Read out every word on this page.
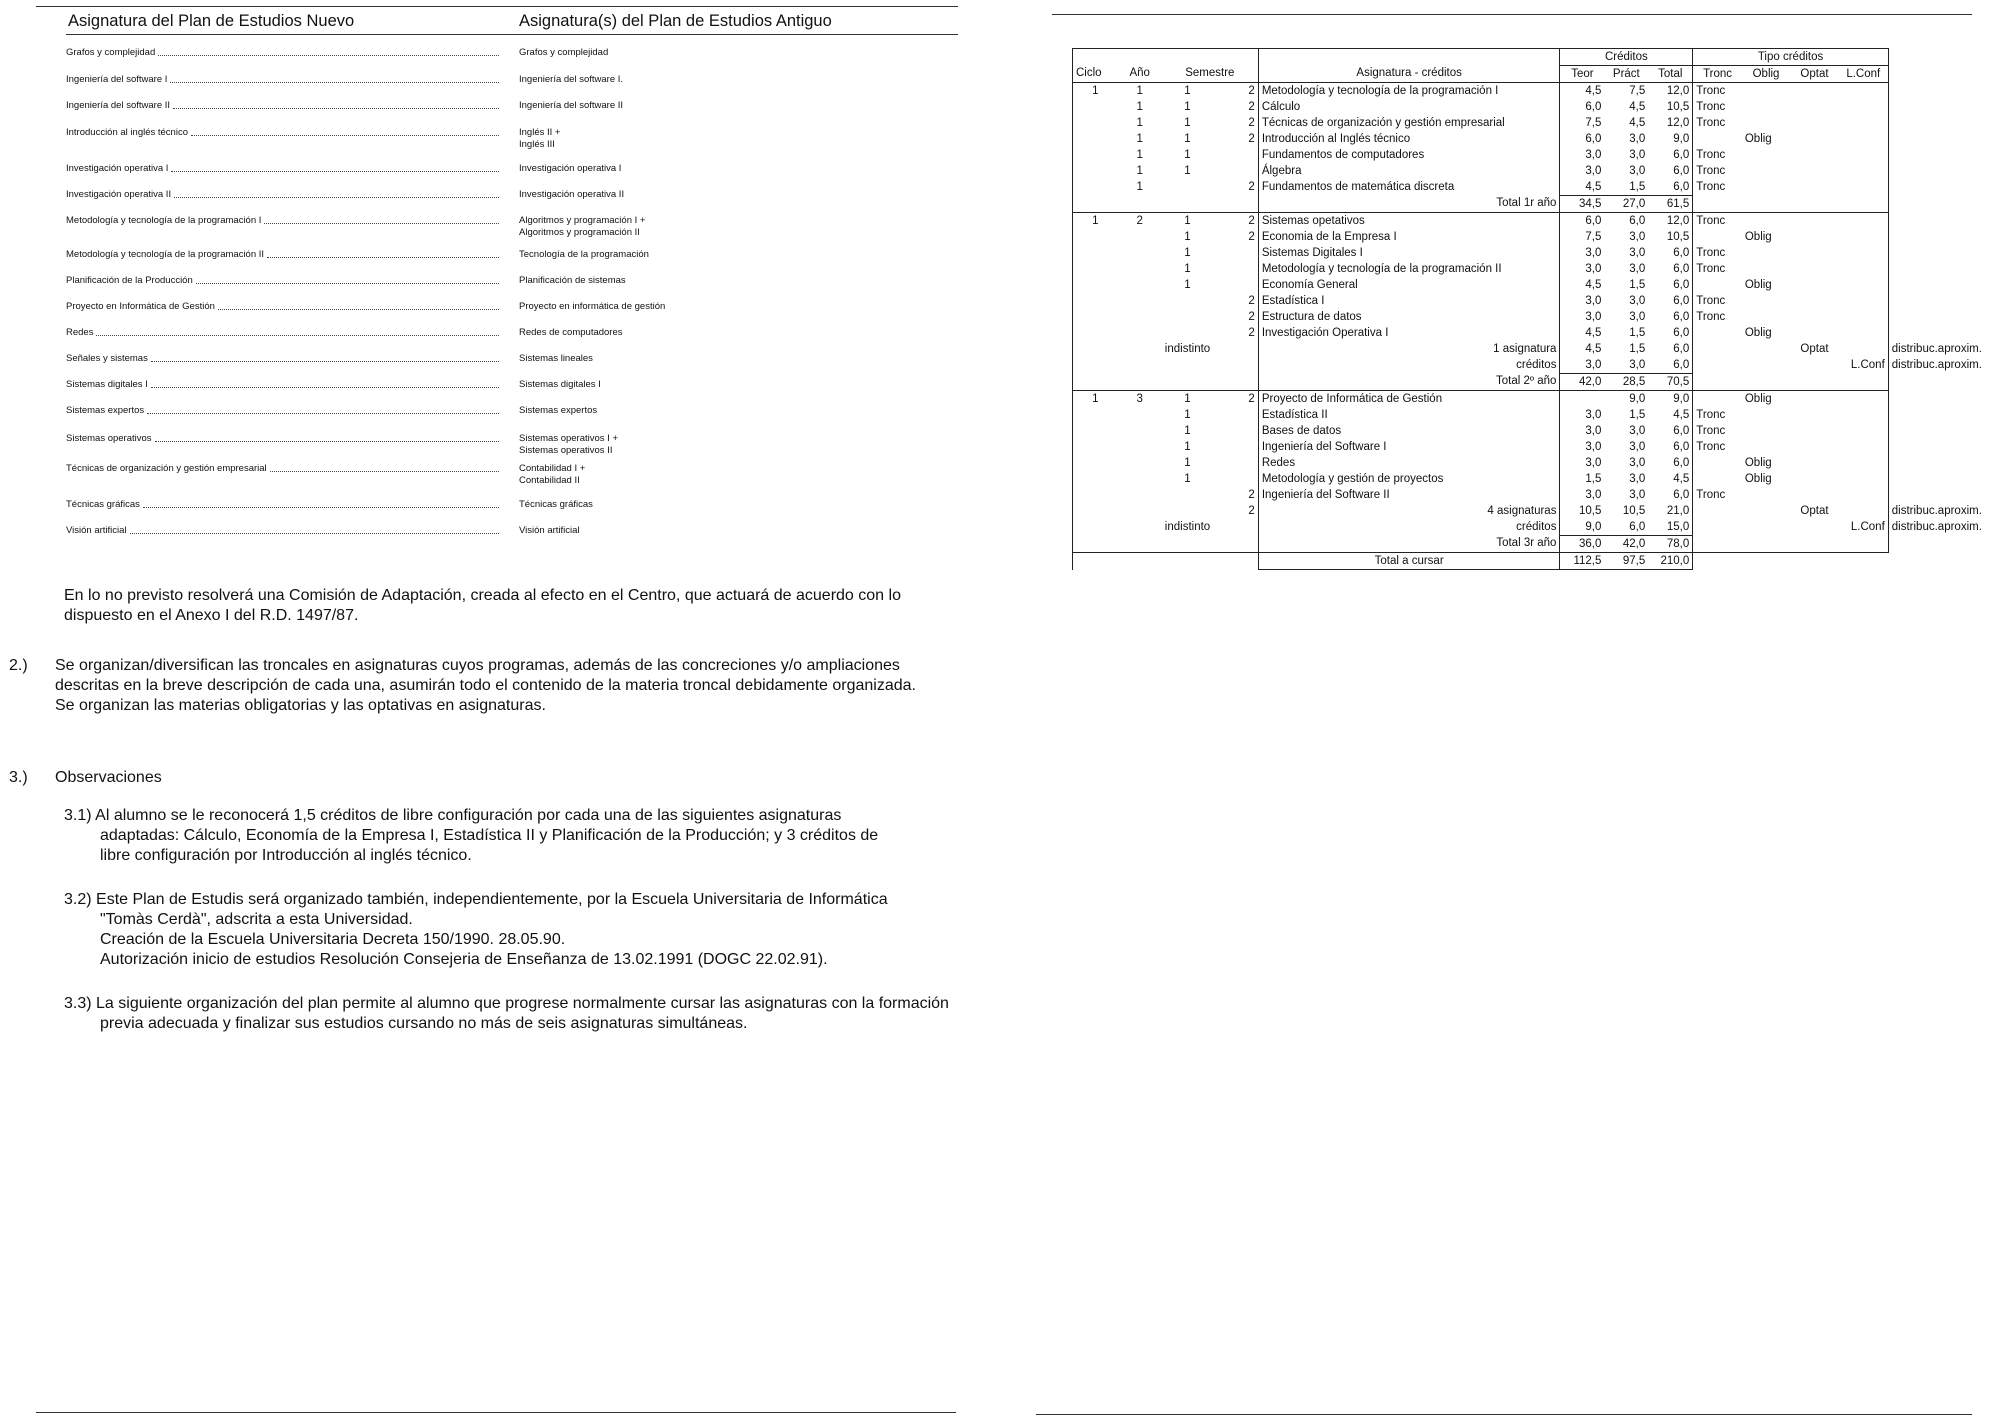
Asignatura del Plan de Estudios Nuevo	Asignatura(s) del Plan de Estudios Antiguo
Grafos y complejidad	Grafos y complejidad
Ingeniería del software I	Ingeniería del software I.
Ingeniería del software II	Ingeniería del software II
Introducción al inglés técnico	Inglés II +
Inglés III
Investigación operativa I	Investigación operativa I
Investigación operativa II	Investigación operativa II
Metodología y tecnología de la programación I	Algoritmos y programación I +
Algoritmos y programación II
Metodología y tecnología de la programación II	Tecnología de la programación
Planificación de la Producción	Planificación de sistemas
Proyecto en Informática de Gestión	Proyecto en informática de gestión
Redes	Redes de computadores
Señales y sistemas	Sistemas lineales
Sistemas digitales I	Sistemas digitales I
Sistemas expertos	Sistemas expertos
Sistemas operativos	Sistemas operativos I +
Sistemas operativos II
Técnicas de organización y gestión empresarial	Contabilidad I +
Contabilidad II
Técnicas gráficas	Técnicas gráficas
Visión artificial	Visión artificial
En lo no previsto resolverá una Comisión de Adaptación, creada al efecto en el Centro, que actuará de acuerdo con lo dispuesto en el Anexo I del R.D. 1497/87.
2.) Se organizan/diversifican las troncales en asignaturas cuyos programas, además de las concreciones y/o ampliaciones descritas en la breve descripción de cada una, asumirán todo el contenido de la materia troncal debidamente organizada.
Se organizan las materias obligatorias y las optativas en asignaturas.
3.) Observaciones
3.1) Al alumno se le reconocerá 1,5 créditos de libre configuración por cada una de las siguientes asignaturas adaptadas: Cálculo, Economía de la Empresa I, Estadística II y Planificación de la Producción; y 3 créditos de libre configuración por Introducción al inglés técnico.
3.2) Este Plan de Estudis será organizado también, independientemente, por la Escuela Universitaria de Informática "Tomàs Cerdà", adscrita a esta Universidad.
Creación de la Escuela Universitaria Decreta 150/1990. 28.05.90.
Autorización inicio de estudios Resolución Consejeria de Enseñanza de 13.02.1991 (DOGC 22.02.91).
3.3) La siguiente organización del plan permite al alumno que progrese normalmente cursar las asignaturas con la formación previa adecuada y finalizar sus estudios cursando no más de seis asignaturas simultáneas.
					Créditos			Tipo créditos				
Ciclo	Año	Semestre		Asignatura - créditos	Teor	Práct	Total	Tronc	Oblig	Optat	L.Conf	
1	1	1	2	Metodología y tecnología de la programación I	4,5	7,5	12,0	Tronc				
	1	1	2	Cálculo	6,0	4,5	10,5	Tronc				
	1	1	2	Técnicas de organización y gestión empresarial	7,5	4,5	12,0	Tronc				
	1	1	2	Introducción al Inglés técnico	6,0	3,0	9,0		Oblig			
	1	1		Fundamentos de computadores	3,0	3,0	6,0	Tronc				
	1	1		Álgebra	3,0	3,0	6,0	Tronc				
	1		2	Fundamentos de matemática discreta	4,5	1,5	6,0	Tronc				
				Total 1r año	34,5	27,0	61,5					
1	2	1	2	Sistemas opetativos	6,0	6,0	12,0	Tronc				
		1	2	Economia de la Empresa I	7,5	3,0	10,5		Oblig			
		1		Sistemas Digitales I	3,0	3,0	6,0	Tronc				
		1		Metodología y tecnología de la programación II	3,0	3,0	6,0	Tronc				
		1		Economía General	4,5	1,5	6,0		Oblig			
			2	Estadística I	3,0	3,0	6,0	Tronc				
			2	Estructura de datos	3,0	3,0	6,0	Tronc				
			2	Investigación Operativa I	4,5	1,5	6,0		Oblig			
		indistinto		1 asignatura	4,5	1,5	6,0			Optat		distribuc.aproxim.
				créditos	3,0	3,0	6,0				L.Conf	distribuc.aproxim.
				Total 2º año	42,0	28,5	70,5					
1	3	1	2	Proyecto de Informática de Gestión		9,0	9,0		Oblig			
		1		Estadística II	3,0	1,5	4,5	Tronc				
		1		Bases de datos	3,0	3,0	6,0	Tronc				
		1		Ingeniería del Software I	3,0	3,0	6,0	Tronc				
		1		Redes	3,0	3,0	6,0		Oblig			
		1		Metodología y gestión de proyectos	1,5	3,0	4,5		Oblig			
			2	Ingeniería del Software II	3,0	3,0	6,0	Tronc				
			2	4 asignaturas	10,5	10,5	21,0			Optat		distribuc.aproxim.
		indistinto		créditos	9,0	6,0	15,0				L.Conf	distribuc.aproxim.
				Total 3r año	36,0	42,0	78,0					
				Total a cursar	112,5	97,5	210,0					
